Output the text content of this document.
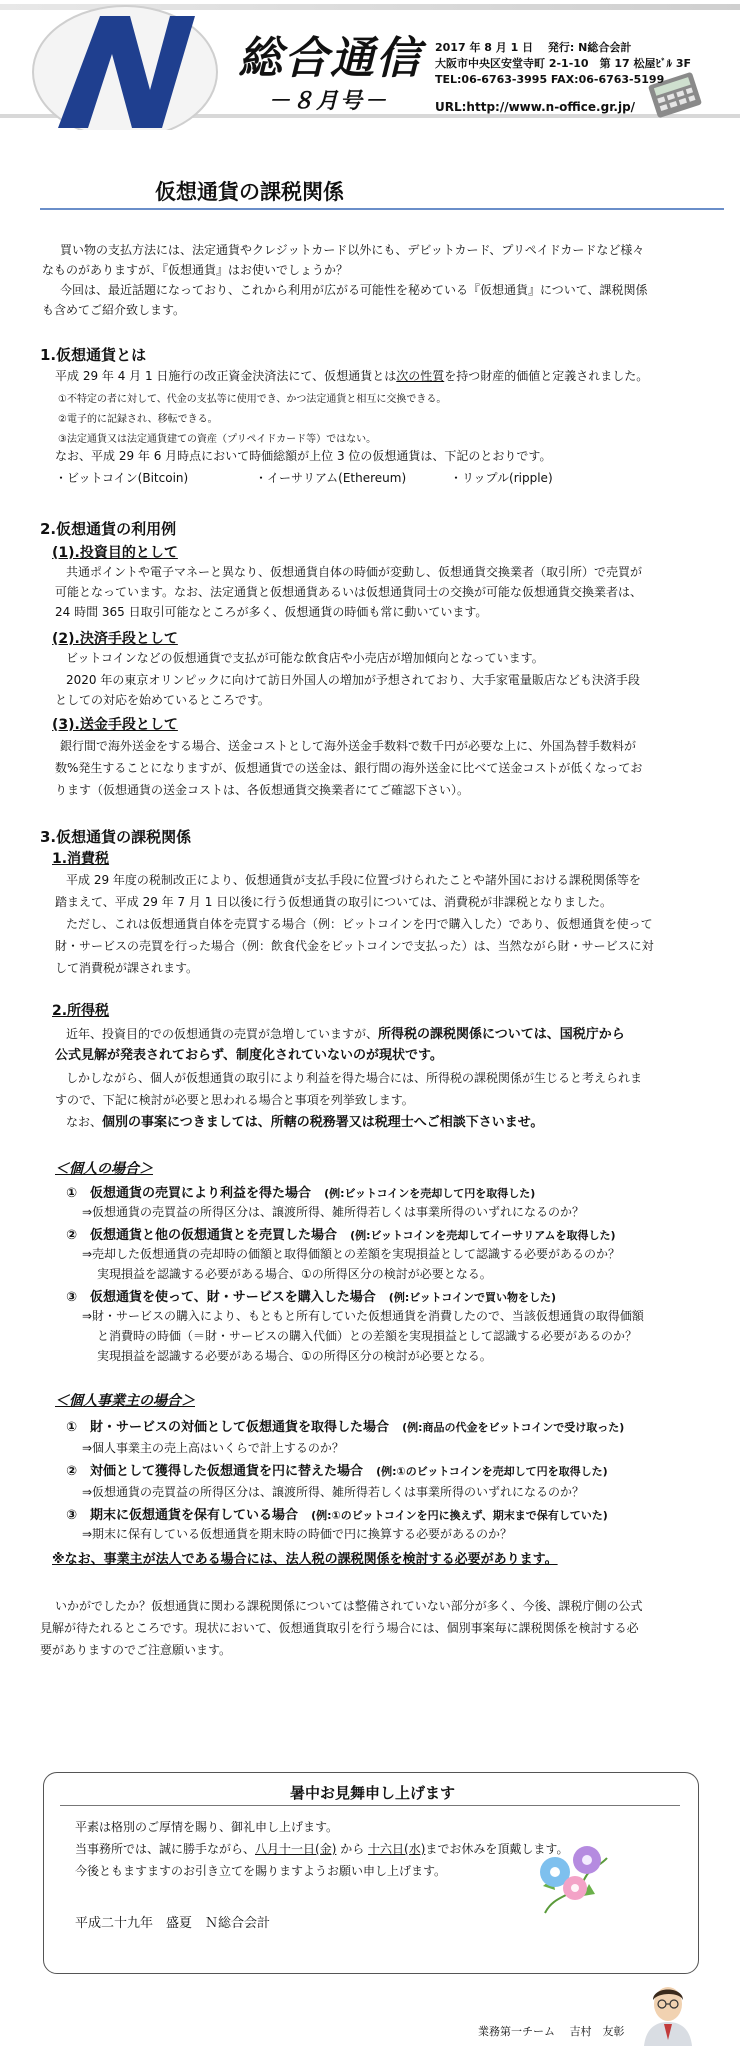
総合通信
－８月号－
2017 年 8 月 1 日　 発行: N総合会計
大阪市中央区安堂寺町 2-1-10　第 17 松屋ﾋﾞﾙ 3F
TEL:06-6763-3995 FAX:06-6763-5199
URL:http://www.n-office.gr.jp/
仮想通貨の課税関係
買い物の支払方法には、法定通貨やクレジットカード以外にも、デビットカード、プリペイドカードなど様々
なものがありますが、『仮想通貨』はお使いでしょうか？
今回は、最近話題になっており、これから利用が広がる可能性を秘めている『仮想通貨』について、課税関係
も含めてご紹介致します。
1.仮想通貨とは
平成 29 年 4 月 1 日施行の改正資金決済法にて、仮想通貨とは次の性質を持つ財産的価値と定義されました。
①不特定の者に対して、代金の支払等に使用でき、かつ法定通貨と相互に交換できる。
②電子的に記録され、移転できる。
③法定通貨又は法定通貨建ての資産（プリペイドカード等）ではない。
なお、平成 29 年 6 月時点において時価総額が上位 3 位の仮想通貨は、下記のとおりです。
・ビットコイン(Bitcoin)	・イーサリアム(Ethereum)	・リップル(ripple)
2.仮想通貨の利用例
(1).投資目的として
共通ポイントや電子マネーと異なり、仮想通貨自体の時価が変動し、仮想通貨交換業者（取引所）で売買が
可能となっています。なお、法定通貨と仮想通貨あるいは仮想通貨同士の交換が可能な仮想通貨交換業者は、
24 時間 365 日取引可能なところが多く、仮想通貨の時価も常に動いています。
(2).決済手段として
ビットコインなどの仮想通貨で支払が可能な飲食店や小売店が増加傾向となっています。
2020 年の東京オリンピックに向けて訪日外国人の増加が予想されており、大手家電量販店なども決済手段
としての対応を始めているところです。
(3).送金手段として
銀行間で海外送金をする場合、送金コストとして海外送金手数料で数千円が必要な上に、外国為替手数料が
数%発生することになりますが、仮想通貨での送金は、銀行間の海外送金に比べて送金コストが低くなってお
ります（仮想通貨の送金コストは、各仮想通貨交換業者にてご確認下さい）。
3.仮想通貨の課税関係
1.消費税
平成 29 年度の税制改正により、仮想通貨が支払手段に位置づけられたことや諸外国における課税関係等を
踏まえて、平成 29 年 7 月 1 日以後に行う仮想通貨の取引については、消費税が非課税となりました。
ただし、これは仮想通貨自体を売買する場合（例：ビットコインを円で購入した）であり、仮想通貨を使って
財・サービスの売買を行った場合（例：飲食代金をビットコインで支払った）は、当然ながら財・サービスに対
して消費税が課されます。
2.所得税
近年、投資目的での仮想通貨の売買が急増していますが、所得税の課税関係については、国税庁から
公式見解が発表されておらず、制度化されていないのが現状です。
しかしながら、個人が仮想通貨の取引により利益を得た場合には、所得税の課税関係が生じると考えられま
すので、下記に検討が必要と思われる場合と事項を列挙致します。
なお、個別の事案につきましては、所轄の税務署又は税理士へご相談下さいませ。
＜個人の場合＞
①　 仮想通貨の売買により利益を得た場合　 (例:ビットコインを売却して円を取得した)
⇒仮想通貨の売買益の所得区分は、譲渡所得、雑所得若しくは事業所得のいずれになるのか？
②　 仮想通貨と他の仮想通貨とを売買した場合　 (例:ビットコインを売却してイーサリアムを取得した)
⇒売却した仮想通貨の売却時の価額と取得価額との差額を実現損益として認識する必要があるのか？
実現損益を認識する必要がある場合、①の所得区分の検討が必要となる。
③　 仮想通貨を使って、財・サービスを購入した場合　 (例:ビットコインで買い物をした)
⇒財・サービスの購入により、もともと所有していた仮想通貨を消費したので、当該仮想通貨の取得価額
と消費時の時価（＝財・サービスの購入代価）との差額を実現損益として認識する必要があるのか？
実現損益を認識する必要がある場合、①の所得区分の検討が必要となる。
＜個人事業主の場合＞
①　 財・サービスの対価として仮想通貨を取得した場合　 (例:商品の代金をビットコインで受け取った)
⇒個人事業主の売上高はいくらで計上するのか？
②　 対価として獲得した仮想通貨を円に替えた場合　 (例:①のビットコインを売却して円を取得した)
⇒仮想通貨の売買益の所得区分は、譲渡所得、雑所得若しくは事業所得のいずれになるのか？
③　 期末に仮想通貨を保有している場合　 (例:①のビットコインを円に換えず、期末まで保有していた)
⇒期末に保有している仮想通貨を期末時の時価で円に換算する必要があるのか？
※なお、事業主が法人である場合には、法人税の課税関係を検討する必要があります。
いかがでしたか？仮想通貨に関わる課税関係については整備されていない部分が多く、今後、課税庁側の公式
見解が待たれるところです。現状において、仮想通貨取引を行う場合には、個別事案毎に課税関係を検討する必
要がありますのでご注意願います。
暑中お見舞申し上げます
平素は格別のご厚情を賜り、御礼申し上げます。
当事務所では、誠に勝手ながら、八月十一日(金) から 十六日(水)までお休みを頂戴します。
今後ともますますのお引き立てを賜りますようお願い申し上げます。
平成二十九年　盛夏　Ｎ総合会計
業務第一チーム　 吉村　友彰
